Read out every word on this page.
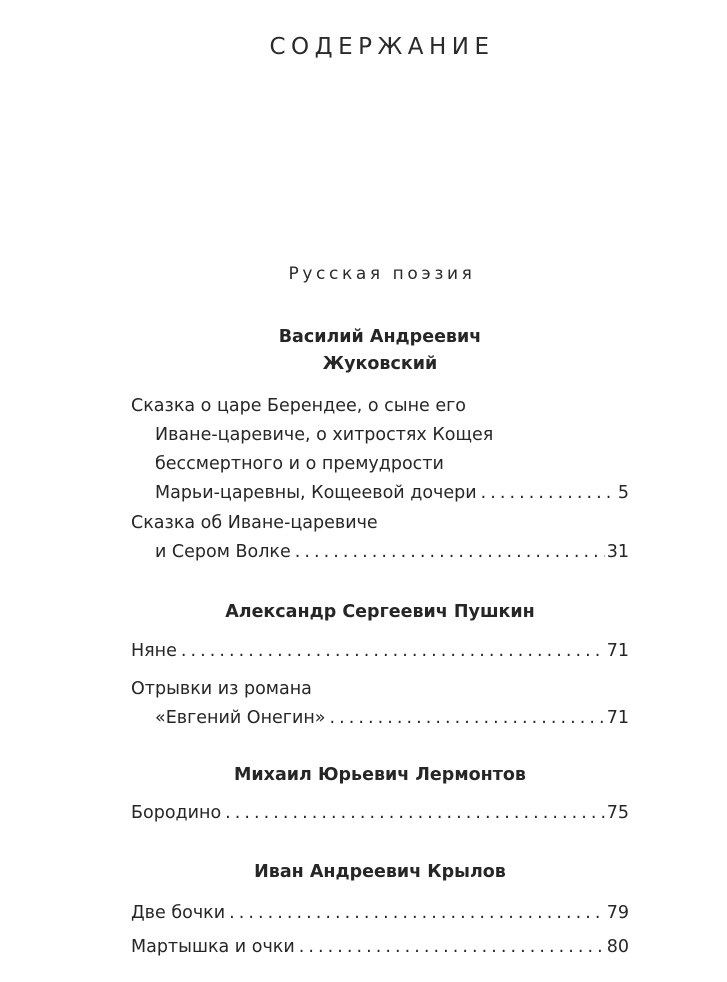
СОДЕРЖАНИЕ
Русская поэзия
Василий Андреевич
Жуковский
Сказка о царе Берендее, о сыне его
Иване-царевиче, о хитростях Кощея
бессмертного и о премудрости
Марьи-царевны, Кощеевой дочери . . .	5
Сказка об Иване-царевиче
и Сером Волке . . .	31
Александр Сергеевич Пушкин
Няне . . .	71
Отрывки из романа
«Евгений Онегин» . . .	71
Михаил Юрьевич Лермонтов
Бородино . . .	75
Иван Андреевич Крылов
Две бочки . . .	79
Мартышка и очки . . .	80
